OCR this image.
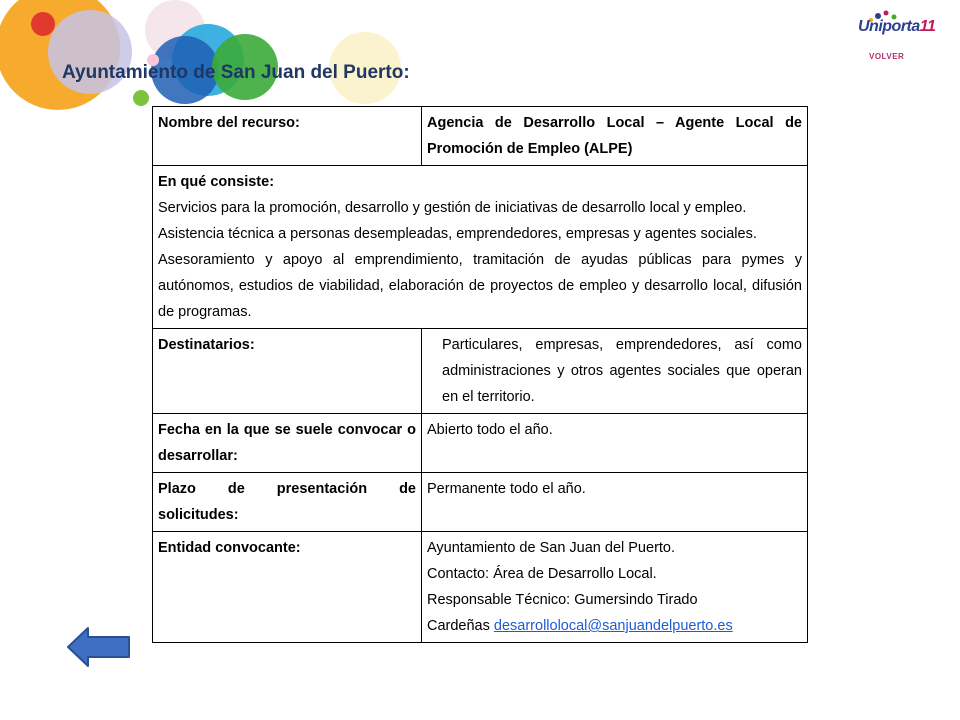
Uniporta11
VOLVER
Ayuntamiento de San Juan del Puerto:
Nombre del recurso:	Agencia de Desarrollo Local – Agente Local de Promoción de Empleo (ALPE)

En qué consiste:

Servicios para la promoción, desarrollo y gestión de iniciativas de desarrollo local y empleo.

Asistencia técnica a personas desempleadas, emprendedores, empresas y agentes sociales.

Asesoramiento y apoyo al emprendimiento, tramitación de ayudas públicas para pymes y autónomos, estudios de viabilidad, elaboración de proyectos de empleo y desarrollo local, difusión de programas.	

Destinatarios:	Particulares, empresas, emprendedores, así como administraciones y otros agentes sociales que operan en el territorio.
Fecha en la que se suele convocar o desarrollar:	Abierto todo el año.
Plazo de presentación de solicitudes:	Permanente todo el año.
Entidad convocante:	Ayuntamiento de San Juan del Puerto.
Contacto: Área de Desarrollo Local.
Responsable Técnico: Gumersindo Tirado
Cardeñas desarrollolocal@sanjuandelpuerto.es
